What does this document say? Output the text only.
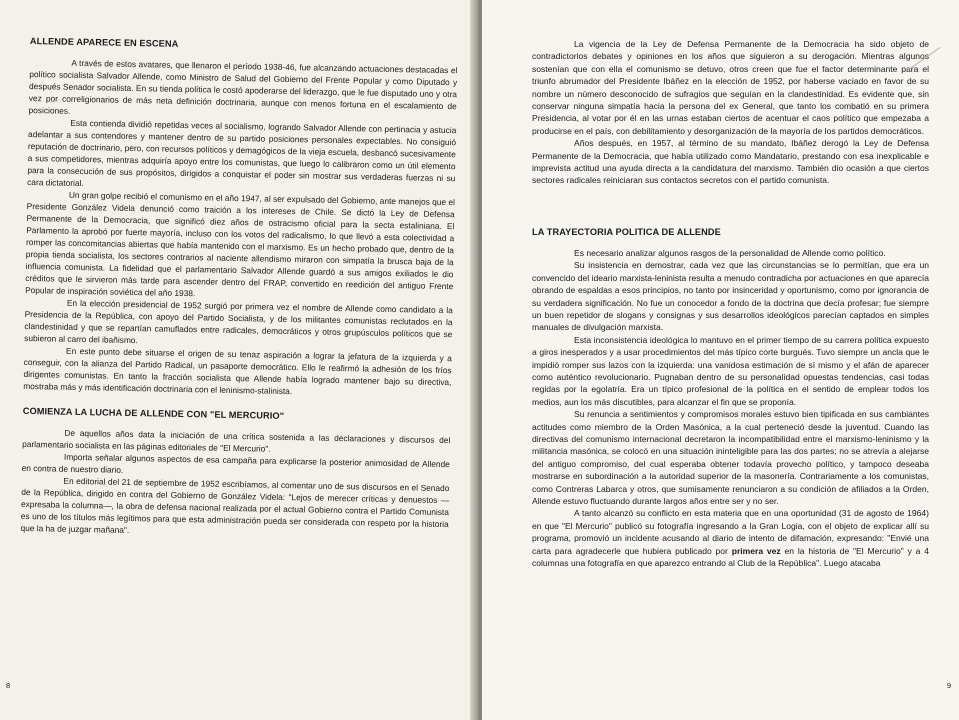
ALLENDE APARECE EN ESCENA

A través de estos avatares, que llenaron el período 1938-46, fue alcanzando actuaciones destacadas el político socialista Salvador Allende, como Ministro de Salud del Gobierno del Frente Popular y como Diputado y después Senador socialista. En su tienda política le costó apoderarse del liderazgo, que le fue disputado uno y otra vez por correligionarios de más neta definición doctrinaria, aunque con menos fortuna en el escalamiento de posiciones.

Esta contienda dividió repetidas veces al socialismo, logrando Salvador Allende con pertinacia y astucia adelantar a sus contendores y mantener dentro de su partido posiciones personales expectables. No consiguió reputación de doctrinario, pero, con recursos políticos y demagógicos de la vieja escuela, desbancó sucesivamente a sus competidores, mientras adquiría apoyo entre los comunistas, que luego lo calibraron como un útil elemento para la consecución de sus propósitos, dirigidos a conquistar el poder sin mostrar sus verdaderas fuerzas ni su cara dictatorial.

Un gran golpe recibió el comunismo en el año 1947, al ser expulsado del Gobierno, ante manejos que el Presidente González Videla denunció como traición a los intereses de Chile. Se dictó la Ley de Defensa Permanente de la Democracia, que significó diez años de ostracismo oficial para la secta estaliniana. El Parlamento la aprobó por fuerte mayoría, incluso con los votos del radicalismo, lo que llevó a esta colectividad a romper las concomitancias abiertas que había mantenido con el marxismo. Es un hecho probado que, dentro de la propia tienda socialista, los sectores contrarios al naciente allendismo miraron con simpatía la brusca baja de la influencia comunista. La fidelidad que el parlamentario Salvador Allende guardó a sus amigos exiliados le dio créditos que le sirvieron más tarde para ascender dentro del FRAP, convertido en reedición del antiguo Frente Popular de inspiración soviética del año 1938.

En la elección presidencial de 1952 surgió por primera vez el nombre de Allende como candidato a la Presidencia de la República, con apoyo del Partido Socialista, y de los militantes comunistas reclutados en la clandestinidad y que se repartían camuflados entre radicales, democráticos y otros grupúsculos políticos que se subieron al carro del ibañismo.

En este punto debe situarse el origen de su tenaz aspiración a lograr la jefatura de la izquierda y a conseguir, con la alianza del Partido Radical, un pasaporte democrático. Ello le reafirmó la adhesión de los fríos dirigentes comunistas. En tanto la fracción socialista que Allende había logrado mantener bajo su directiva, mostraba más y más identificación doctrinaria con el leninismo-stalinista.

COMIENZA LA LUCHA DE ALLENDE CON "EL MERCURIO"

De aquellos años data la iniciación de una crítica sostenida a las declaraciones y discursos del parlamentario socialista en las páginas editoriales de "El Mercurio".

Importa señalar algunos aspectos de esa campaña para explicarse la posterior animosidad de Allende en contra de nuestro diario.

En editorial del 21 de septiembre de 1952 escribíamos, al comentar uno de sus discursos en el Senado de la República, dirigido en contra del Gobierno de González Videla: "Lejos de merecer críticas y denuestos —expresaba la columna—, la obra de defensa nacional realizada por el actual Gobierno contra el Partido Comunista es uno de los títulos más legítimos para que esta administración pueda ser considerada con respeto por la historia que la ha de juzgar mañana".

8

La vigencia de la Ley de Defensa Permanente de la Democracia ha sido objeto de contradictorios debates y opiniones en los años que siguieron a su derogación. Mientras algunos sostenían que con ella el comunismo se detuvo, otros creen que fue el factor determinante para el triunfo abrumador del Presidente Ibáñez en la elección de 1952, por haberse vaciado en favor de su nombre un número desconocido de sufragios que seguían en la clandestinidad. Es evidente que, sin conservar ninguna simpatía hacia la persona del ex General, que tanto los combatió en su primera Presidencia, al votar por él en las urnas estaban ciertos de acentuar el caos político que empezaba a producirse en el país, con debilitamiento y desorganización de la mayoría de los partidos democráticos.

Años después, en 1957, al término de su mandato, Ibáñez derogó la Ley de Defensa Permanente de la Democracia, que había utilizado como Mandatario, prestando con esa inexplicable e imprevista actitud una ayuda directa a la candidatura del marxismo. También dio ocasión a que ciertos sectores radicales reiniciaran sus contactos secretos con el partido comunista.

LA TRAYECTORIA POLITICA DE ALLENDE

Es necesario analizar algunos rasgos de la personalidad de Allende como político.

Su insistencia en demostrar, cada vez que las circunstancias se lo permitían, que era un convencido del ideario marxista-leninista resulta a menudo contradicha por actuaciones en que aparecía obrando de espaldas a esos principios, no tanto por insinceridad y oportunismo, como por ignorancia de su verdadera significación. No fue un conocedor a fondo de la doctrina que decía profesar; fue siempre un buen repetidor de slogans y consignas y sus desarrollos ideológicos parecían captados en simples manuales de divulgación marxista.

Esta inconsistencia ideológica lo mantuvo en el primer tiempo de su carrera política expuesto a giros inesperados y a usar procedimientos del más típico corte burgués. Tuvo siempre un ancla que le impidió romper sus lazos con la izquierda: una vanidosa estimación de sí mismo y el afán de aparecer como auténtico revolucionario. Pugnaban dentro de su personalidad opuestas tendencias, casi todas regidas por la egolatría. Era un típico profesional de la política en el sentido de emplear todos los medios, aun los más discutibles, para alcanzar el fin que se proponía.

Su renuncia a sentimientos y compromisos morales estuvo bien tipificada en sus cambiantes actitudes como miembro de la Orden Masónica, a la cual perteneció desde la juventud. Cuando las directivas del comunismo internacional decretaron la incompatibilidad entre el marxismo-leninismo y la militancia masónica, se colocó en una situación ininteligible para las dos partes; no se atrevía a alejarse del antiguo compromiso, del cual esperaba obtener todavía provecho político, y tampoco deseaba mostrarse en subordinación a la autoridad superior de la masonería. Contrariamente a los comunistas, como Contreras Labarca y otros, que sumisamente renunciaron a su condición de afiliados a la Orden, Allende estuvo fluctuando durante largos años entre ser y no ser.

A tanto alcanzó su conflicto en esta materia que en una oportunidad (31 de agosto de 1964) en que "El Mercurio" publicó su fotografía ingresando a la Gran Logia, con el objeto de explicar allí su programa, promovió un incidente acusando al diario de intento de difamación, expresando: "Envié una carta para agradecerle que hubiera publicado por primera vez en la historia de "El Mercurio" y a 4 columnas una fotografía en que aparezco entrando al Club de la República". Luego atacaba

9
